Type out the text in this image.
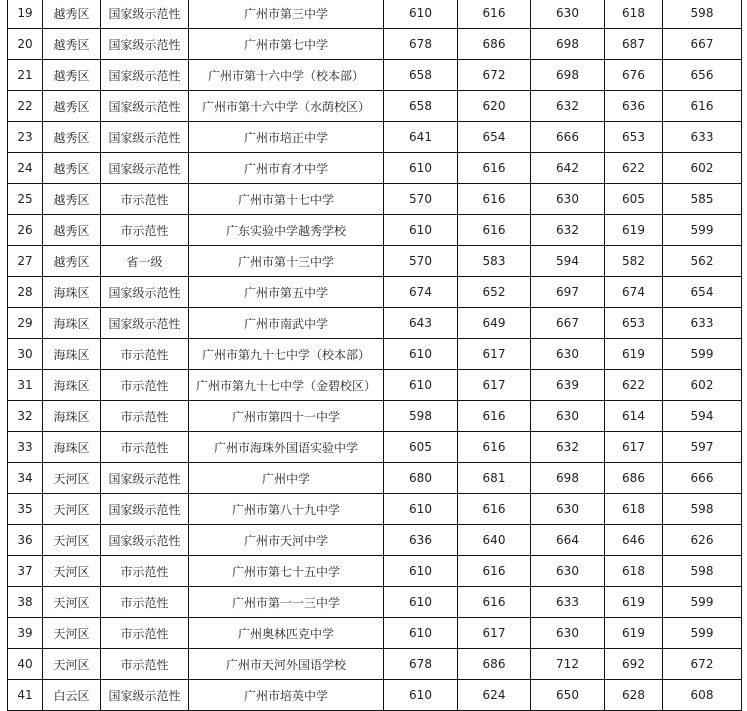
19	越秀区	国家级示范性	广州市第三中学	610	616	630	618	598
20	越秀区	国家级示范性	广州市第七中学	678	686	698	687	667
21	越秀区	国家级示范性	广州市第十六中学（校本部）	658	672	698	676	656
22	越秀区	国家级示范性	广州市第十六中学（水荫校区）	658	620	632	636	616
23	越秀区	国家级示范性	广州市培正中学	641	654	666	653	633
24	越秀区	国家级示范性	广州市育才中学	610	616	642	622	602
25	越秀区	市示范性	广州市第十七中学	570	616	630	605	585
26	越秀区	市示范性	广东实验中学越秀学校	610	616	632	619	599
27	越秀区	省一级	广州市第十三中学	570	583	594	582	562
28	海珠区	国家级示范性	广州市第五中学	674	652	697	674	654
29	海珠区	国家级示范性	广州市南武中学	643	649	667	653	633
30	海珠区	市示范性	广州市第九十七中学（校本部）	610	617	630	619	599
31	海珠区	市示范性	广州市第九十七中学（金碧校区）	610	617	639	622	602
32	海珠区	市示范性	广州市第四十一中学	598	616	630	614	594
33	海珠区	市示范性	广州市海珠外国语实验中学	605	616	632	617	597
34	天河区	国家级示范性	广州中学	680	681	698	686	666
35	天河区	国家级示范性	广州市第八十九中学	610	616	630	618	598
36	天河区	国家级示范性	广州市天河中学	636	640	664	646	626
37	天河区	市示范性	广州市第七十五中学	610	616	630	618	598
38	天河区	市示范性	广州市第一一三中学	610	616	633	619	599
39	天河区	市示范性	广州奥林匹克中学	610	617	630	619	599
40	天河区	市示范性	广州市天河外国语学校	678	686	712	692	672
41	白云区	国家级示范性	广州市培英中学	610	624	650	628	608
